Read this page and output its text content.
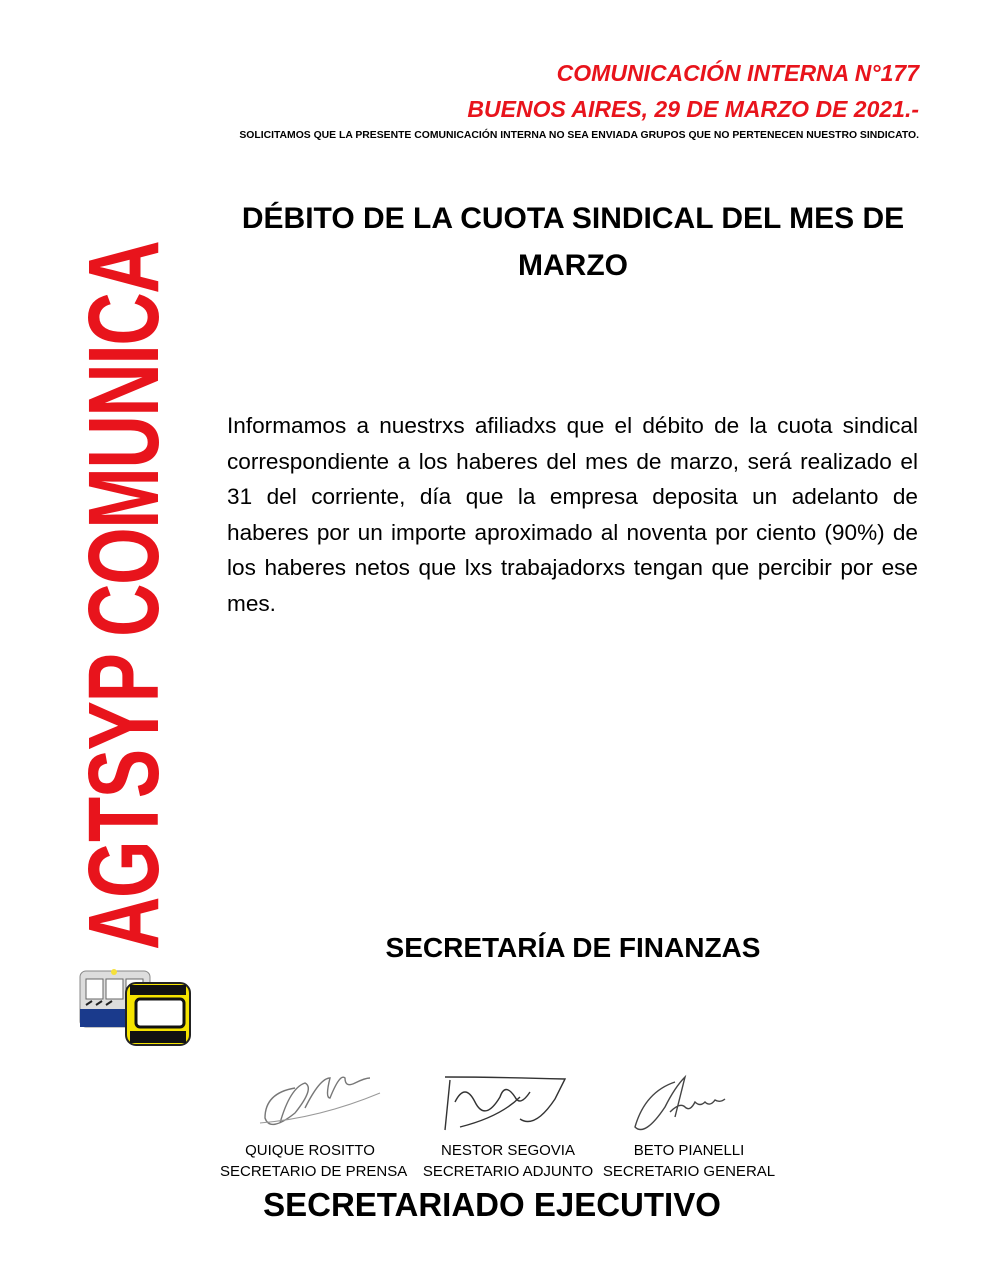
COMUNICACIÓN INTERNA N°177
BUENOS AIRES, 29 DE MARZO DE 2021.-
SOLICITAMOS QUE LA PRESENTE COMUNICACIÓN INTERNA NO SEA ENVIADA GRUPOS QUE NO PERTENECEN NUESTRO SINDICATO.
AGTSYP COMUNICA
DÉBITO DE LA CUOTA SINDICAL DEL MES DE MARZO
Informamos a nuestrxs afiliadxs que el débito de la cuota sindical correspondiente a los haberes del mes de marzo, será realizado el 31 del corriente, día que la empresa deposita un adelanto de haberes por un importe aproximado al noventa por ciento (90%) de los haberes netos que lxs trabajadorxs tengan que percibir por ese mes.
SECRETARÍA DE FINANZAS
QUIQUE ROSITTO
SECRETARIO DE PRENSA
NESTOR SEGOVIA
SECRETARIO ADJUNTO
BETO PIANELLI
SECRETARIO GENERAL
SECRETARIADO EJECUTIVO
